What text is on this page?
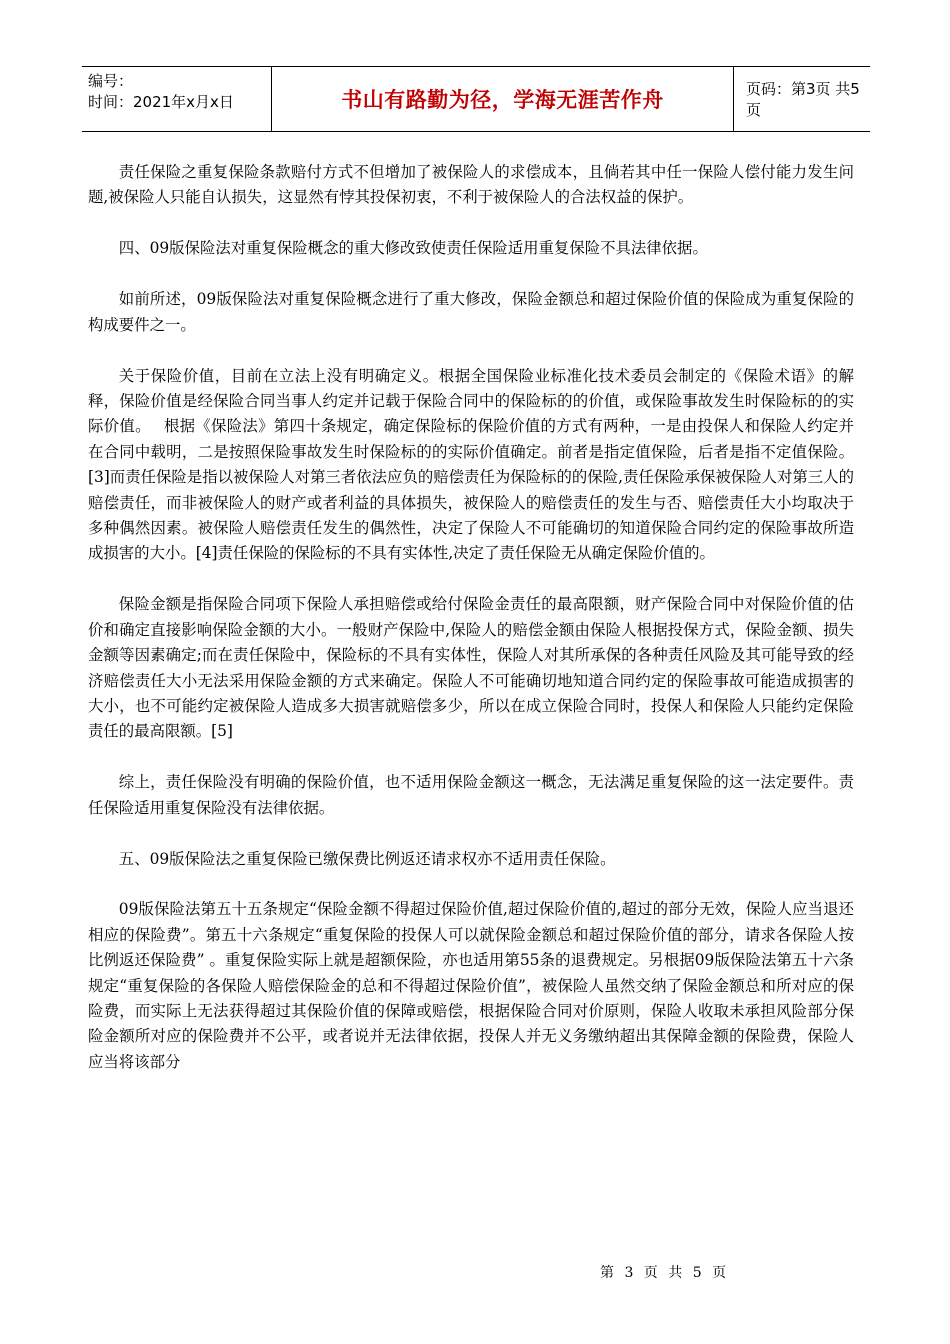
编号：
时间：2021年x月x日	书山有路勤为径，学海无涯苦作舟	页码：第3页 共5页

责任保险之重复保险条款赔付方式不但增加了被保险人的求偿成本，且倘若其中任一保险人偿付能力发生问题,被保险人只能自认损失，这显然有悖其投保初衷，不利于被保险人的合法权益的保护。

四、09版保险法对重复保险概念的重大修改致使责任保险适用重复保险不具法律依据。

如前所述，09版保险法对重复保险概念进行了重大修改，保险金额总和超过保险价值的保险成为重复保险的构成要件之一。

关于保险价值，目前在立法上没有明确定义。根据全国保险业标准化技术委员会制定的《保险术语》的解释，保险价值是经保险合同当事人约定并记载于保险合同中的保险标的的价值，或保险事故发生时保险标的的实际价值。　 根据《保险法》第四十条规定，确定保险标的保险价值的方式有两种，一是由投保人和保险人约定并在合同中载明，二是按照保险事故发生时保险标的的实际价值确定。前者是指定值保险，后者是指不定值保险。[3]而责任保险是指以被保险人对第三者依法应负的赔偿责任为保险标的的保险,责任保险承保被保险人对第三人的赔偿责任，而非被保险人的财产或者利益的具体损失，被保险人的赔偿责任的发生与否、赔偿责任大小均取决于多种偶然因素。被保险人赔偿责任发生的偶然性，决定了保险人不可能确切的知道保险合同约定的保险事故所造成损害的大小。[4]责任保险的保险标的不具有实体性,决定了责任保险无从确定保险价值的。

保险金额是指保险合同项下保险人承担赔偿或给付保险金责任的最高限额，财产保险合同中对保险价值的估价和确定直接影响保险金额的大小。一般财产保险中,保险人的赔偿金额由保险人根据投保方式，保险金额、损失金额等因素确定;而在责任保险中，保险标的不具有实体性，保险人对其所承保的各种责任风险及其可能导致的经济赔偿责任大小无法采用保险金额的方式来确定。保险人不可能确切地知道合同约定的保险事故可能造成损害的大小，也不可能约定被保险人造成多大损害就赔偿多少，所以在成立保险合同时，投保人和保险人只能约定保险责任的最高限额。[5]

综上，责任保险没有明确的保险价值，也不适用保险金额这一概念，无法满足重复保险的这一法定要件。责任保险适用重复保险没有法律依据。

五、09版保险法之重复保险已缴保费比例返还请求权亦不适用责任保险。

09版保险法第五十五条规定“保险金额不得超过保险价值,超过保险价值的,超过的部分无效，保险人应当退还相应的保险费”。第五十六条规定“重复保险的投保人可以就保险金额总和超过保险价值的部分，请求各保险人按比例返还保险费” 。重复保险实际上就是超额保险，亦也适用第55条的退费规定。另根据09版保险法第五十六条规定“重复保险的各保险人赔偿保险金的总和不得超过保险价值”，被保险人虽然交纳了保险金额总和所对应的保险费，而实际上无法获得超过其保险价值的保障或赔偿，根据保险合同对价原则，保险人收取未承担风险部分保险金额所对应的保险费并不公平，或者说并无法律依据，投保人并无义务缴纳超出其保障金额的保险费，保险人应当将该部分

第 3 页 共 5 页
